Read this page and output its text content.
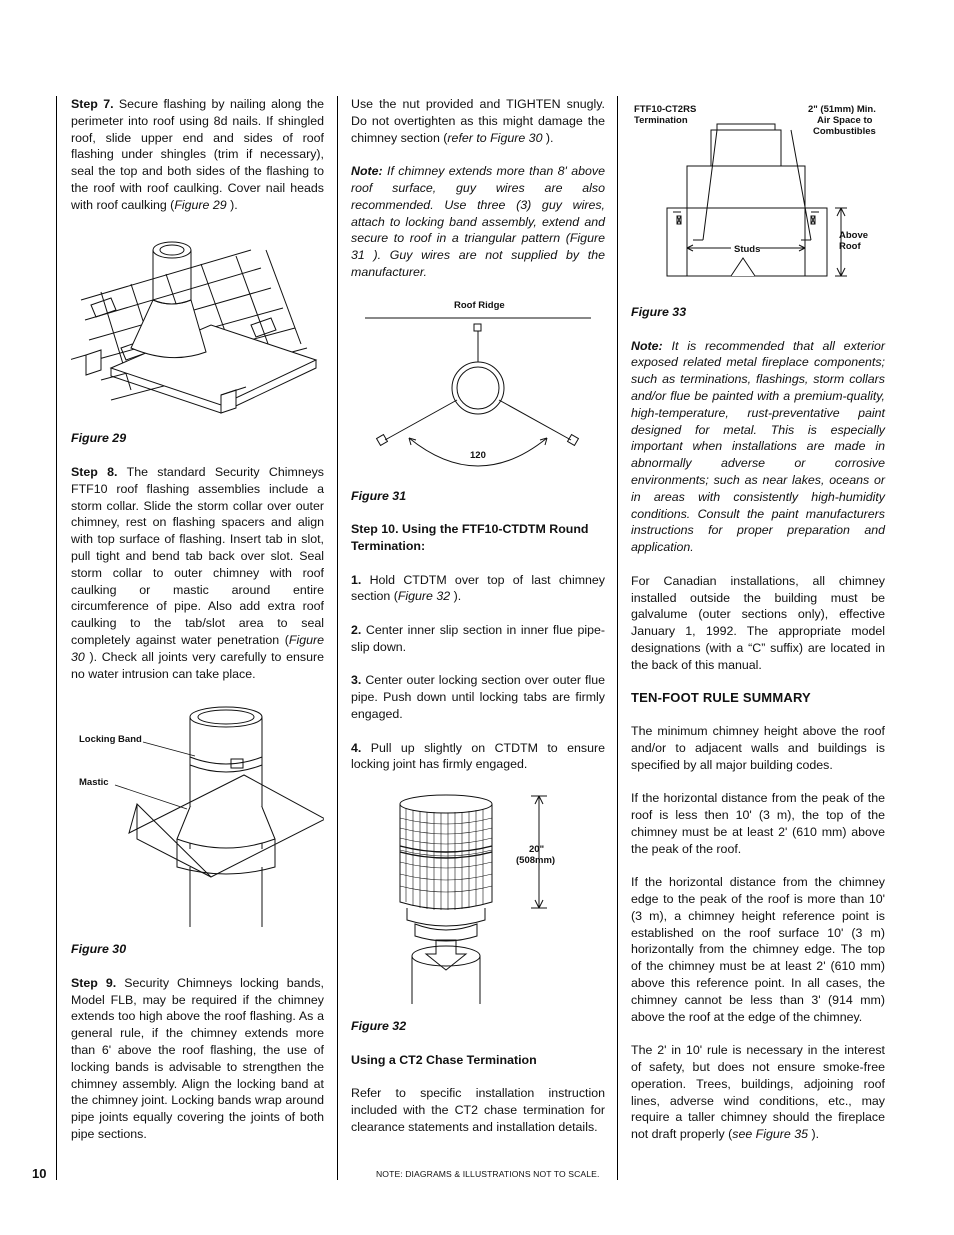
Step 7. Secure flashing by nailing along the perimeter into roof using 8d nails. If shingled roof, slide upper end and sides of roof flashing under shingles (trim if necessary), seal the top and both sides of the flashing to the roof with roof caulking. Cover nail heads with roof caulking (Figure 29 ).

Figure 29

Step 8. The standard Security Chimneys FTF10 roof flashing assemblies include a storm collar. Slide the storm collar over outer chimney, rest on flashing spacers and align with top surface of flashing. Insert tab in slot, pull tight and bend tab back over slot. Seal storm collar to outer chimney with roof caulking or mastic around entire circumference of pipe. Also add extra roof caulking to the tab/slot area to seal completely against water penetration (Figure 30 ). Check all joints very carefully to ensure no water intrusion can take place.

Locking Band
Mastic

Figure 30

Step 9. Security Chimneys locking bands, Model FLB, may be required if the chimney extends too high above the roof flashing. As a general rule, if the chimney extends more than 6' above the roof flashing, the use of locking bands is advisable to strengthen the chimney assembly. Align the locking band at the chimney joint. Locking bands wrap around pipe joints equally covering the joints of both pipe sections.

Use the nut provided and TIGHTEN snugly. Do not overtighten as this might damage the chimney section (refer to Figure 30 ).

Note: If chimney extends more than 8' above roof surface, guy wires are also recommended. Use three (3) guy wires, attach to locking band assembly, extend and secure to roof in a triangular pattern (Figure 31 ). Guy wires are not supplied by the manufacturer.

Roof Ridge
120

Figure 31

Step 10. Using the FTF10-CTDTM Round Termination:

1. Hold CTDTM over top of last chimney section (Figure 32 ).

2. Center inner slip section in inner flue pipe-slip down.

3. Center outer locking section over outer flue pipe. Push down until locking tabs are firmly engaged.

4. Pull up slightly on CTDTM to ensure locking joint has firmly engaged.

20"
(508mm)

Figure 32

Using a CT2 Chase Termination

Refer to specific installation instruction included with the CT2 chase termination for clearance statements and installation details.

FTF10-CT2RS
Termination
2" (51mm) Min.
Air Space to
Combustibles
Studs
Above
Roof

Figure 33

Note: It is recommended that all exterior exposed related metal fireplace components; such as terminations, flashings, storm collars and/or flue be painted with a premium-quality, high-temperature, rust-preventative paint designed for metal. This is especially important when installations are made in abnormally adverse or corrosive environments; such as near lakes, oceans or in areas with consistently high-humidity conditions. Consult the paint manufacturers instructions for proper preparation and application.

For Canadian installations, all chimney installed outside the building must be galvalume (outer sections only), effective January 1, 1992. The appropriate model designations (with a “C” suffix) are located in the back of this manual.

TEN-FOOT RULE SUMMARY

The minimum chimney height above the roof and/or to adjacent walls and buildings is specified by all major building codes.

If the horizontal distance from the peak of the roof is less then 10' (3 m), the top of the chimney must be at least 2' (610 mm) above the peak of the roof.

If the horizontal distance from the chimney edge to the peak of the roof is more than 10' (3 m), a chimney height reference point is established on the roof surface 10' (3 m) horizontally from the chimney edge. The top of the chimney must be at least 2' (610 mm) above this reference point. In all cases, the chimney cannot be less than 3' (914 mm) above the roof at the edge of the chimney.

The 2' in 10' rule is necessary in the interest of safety, but does not ensure smoke-free operation. Trees, buildings, adjoining roof lines, adverse wind conditions, etc., may require a taller chimney should the fireplace not draft properly (see Figure 35 ).

10	NOTE: DIAGRAMS & ILLUSTRATIONS NOT TO SCALE.
